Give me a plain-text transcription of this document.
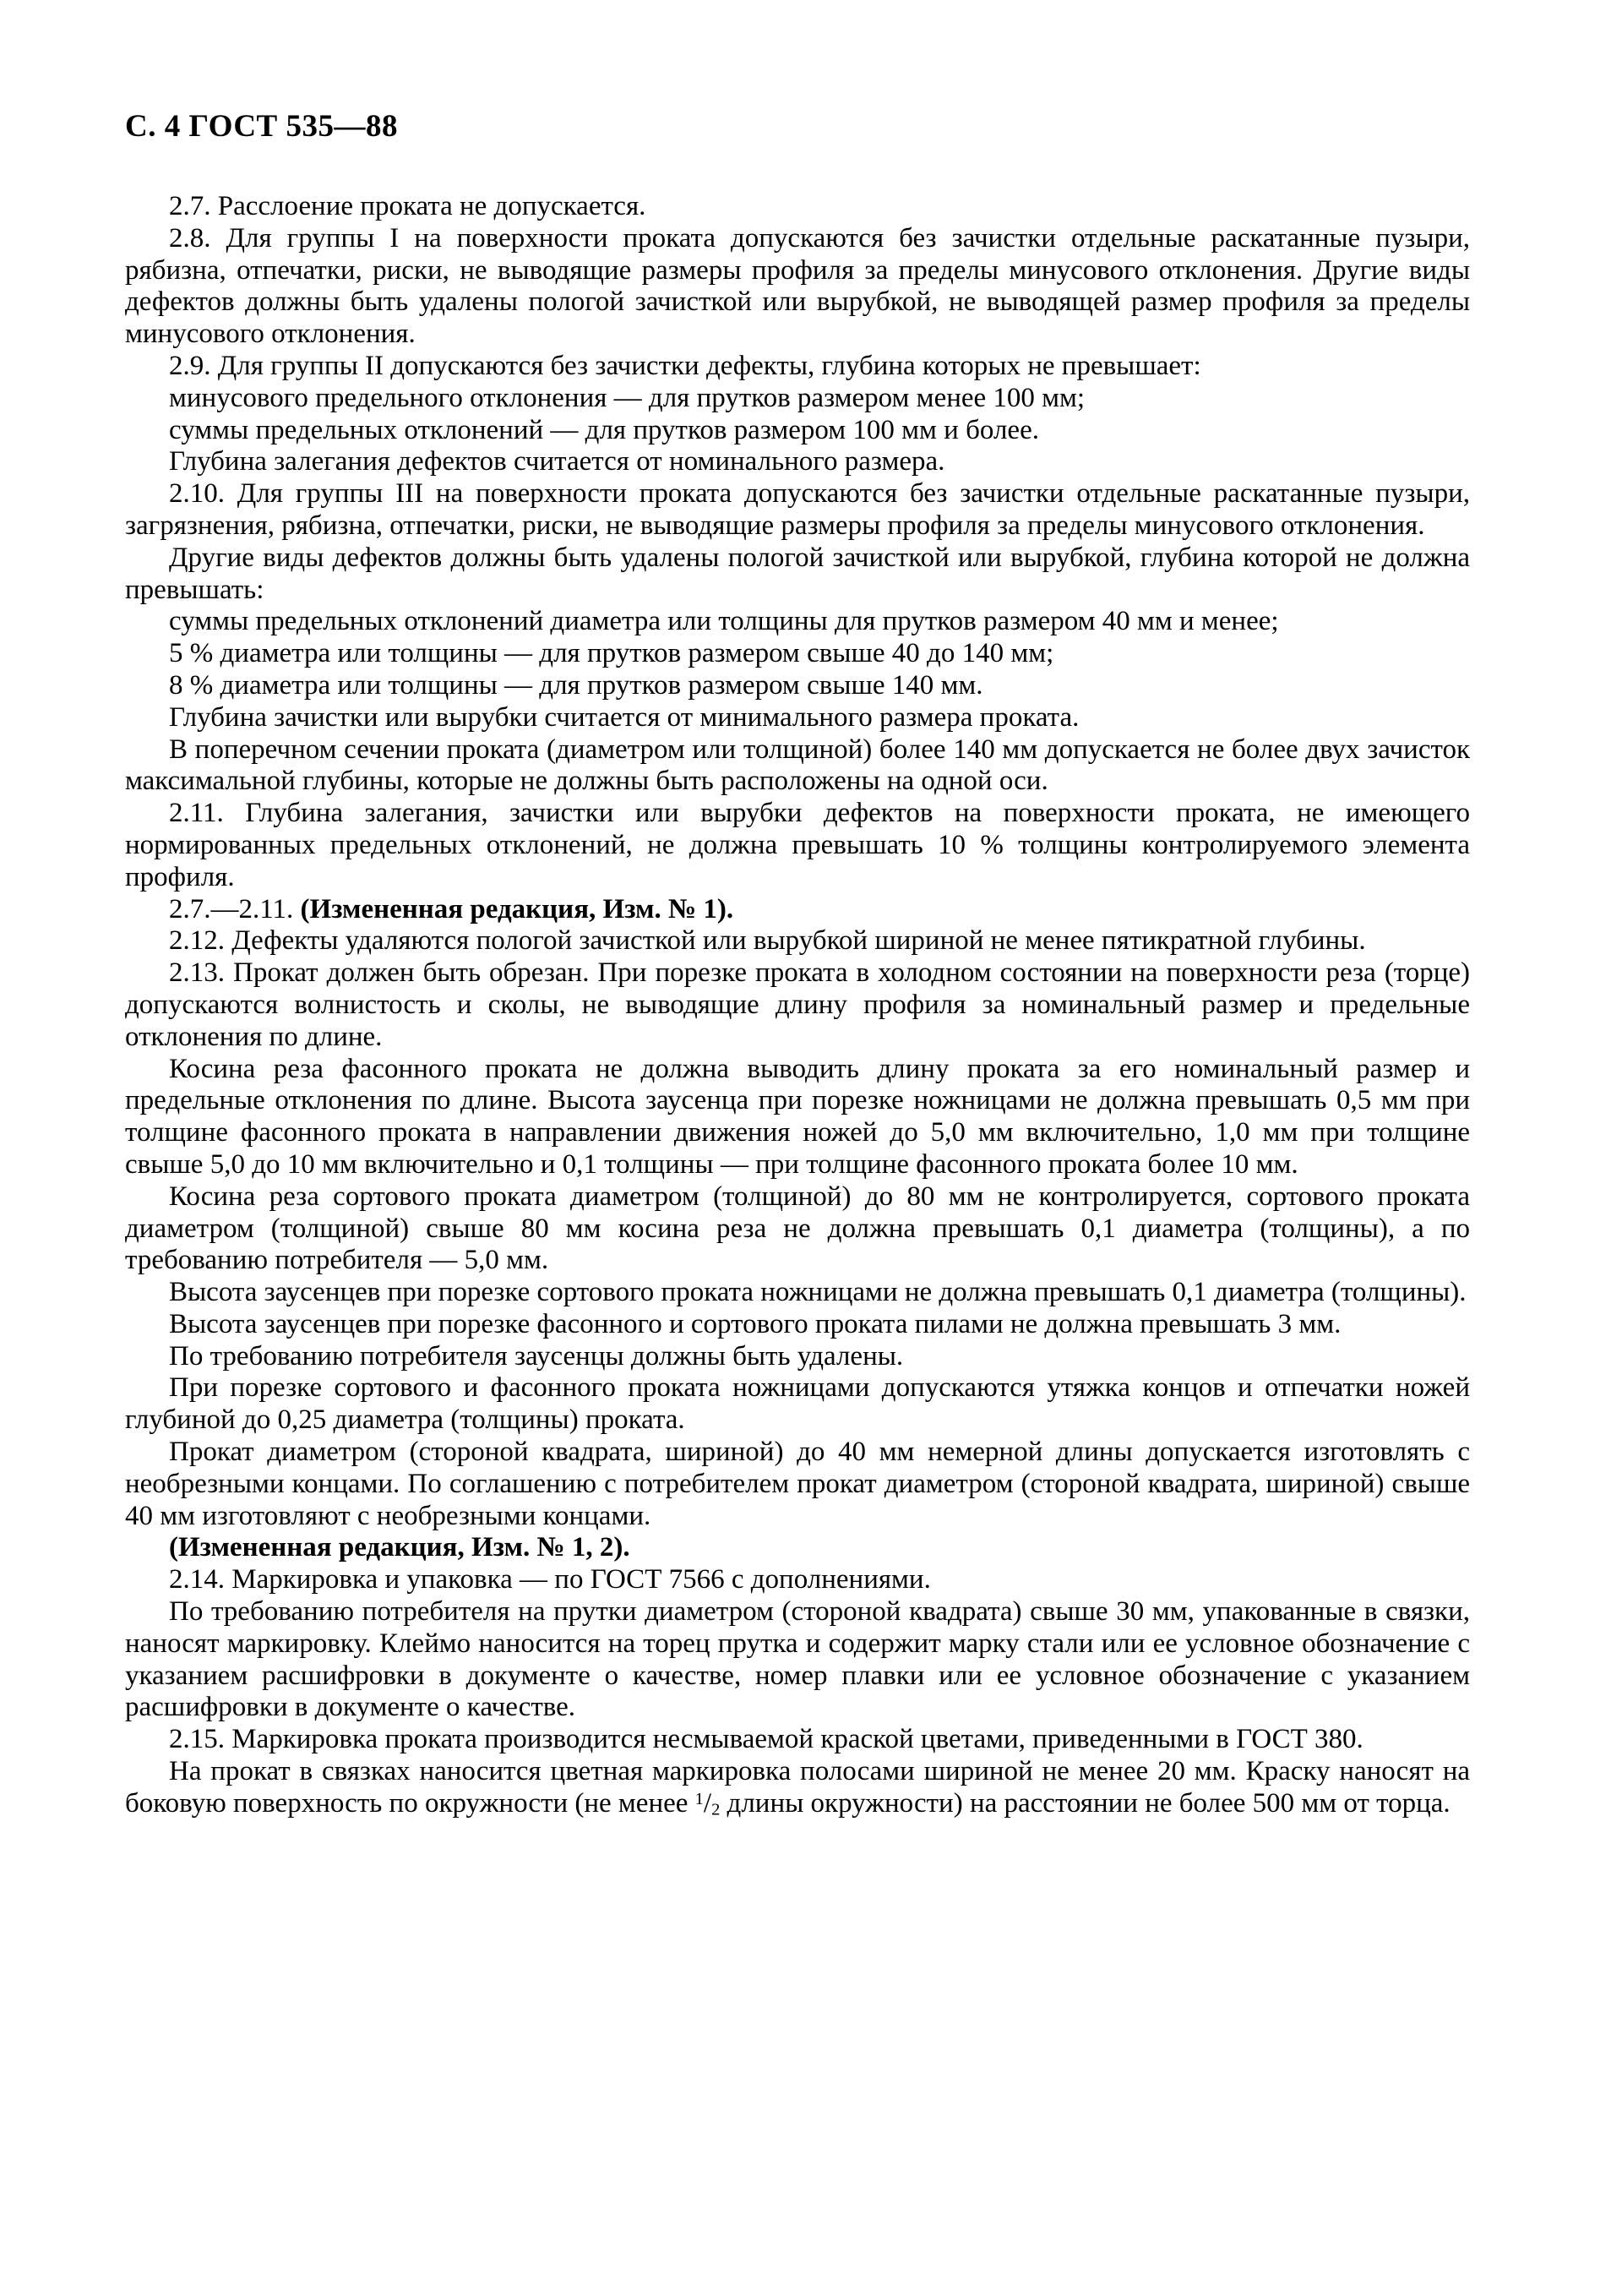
С. 4 ГОСТ 535—88

2.7. Расслоение проката не допускается.

2.8. Для группы I на поверхности проката допускаются без зачистки отдельные раскатанные пузыри, рябизна, отпечатки, риски, не выводящие размеры профиля за пределы минусового отклонения. Другие виды дефектов должны быть удалены пологой зачисткой или вырубкой, не выводящей размер профиля за пределы минусового отклонения.

2.9. Для группы II допускаются без зачистки дефекты, глубина которых не превышает:

минусового предельного отклонения — для прутков размером менее 100 мм;

суммы предельных отклонений — для прутков размером 100 мм и более.

Глубина залегания дефектов считается от номинального размера.

2.10. Для группы III на поверхности проката допускаются без зачистки отдельные раскатанные пузыри, загрязнения, рябизна, отпечатки, риски, не выводящие размеры профиля за пределы минусового отклонения.

Другие виды дефектов должны быть удалены пологой зачисткой или вырубкой, глубина которой не должна превышать:

суммы предельных отклонений диаметра или толщины для прутков размером 40 мм и менее;

5 % диаметра или толщины — для прутков размером свыше 40 до 140 мм;

8 % диаметра или толщины — для прутков размером свыше 140 мм.

Глубина зачистки или вырубки считается от минимального размера проката.

В поперечном сечении проката (диаметром или толщиной) более 140 мм допускается не более двух зачисток максимальной глубины, которые не должны быть расположены на одной оси.

2.11. Глубина залегания, зачистки или вырубки дефектов на поверхности проката, не имеющего нормированных предельных отклонений, не должна превышать 10 % толщины контролируемого элемента профиля.

2.7.—2.11. (Измененная редакция, Изм. № 1).

2.12. Дефекты удаляются пологой зачисткой или вырубкой шириной не менее пятикратной глубины.

2.13. Прокат должен быть обрезан. При порезке проката в холодном состоянии на поверхности реза (торце) допускаются волнистость и сколы, не выводящие длину профиля за номинальный размер и предельные отклонения по длине.

Косина реза фасонного проката не должна выводить длину проката за его номинальный размер и предельные отклонения по длине. Высота заусенца при порезке ножницами не должна превышать 0,5 мм при толщине фасонного проката в направлении движения ножей до 5,0 мм включительно, 1,0 мм при толщине свыше 5,0 до 10 мм включительно и 0,1 толщины — при толщине фасонного проката более 10 мм.

Косина реза сортового проката диаметром (толщиной) до 80 мм не контролируется, сортового проката диаметром (толщиной) свыше 80 мм косина реза не должна превышать 0,1 диаметра (толщины), а по требованию потребителя — 5,0 мм.

Высота заусенцев при порезке сортового проката ножницами не должна превышать 0,1 диаметра (толщины).

Высота заусенцев при порезке фасонного и сортового проката пилами не должна превышать 3 мм.

По требованию потребителя заусенцы должны быть удалены.

При порезке сортового и фасонного проката ножницами допускаются утяжка концов и отпечатки ножей глубиной до 0,25 диаметра (толщины) проката.

Прокат диаметром (стороной квадрата, шириной) до 40 мм немерной длины допускается изготовлять с необрезными концами. По соглашению с потребителем прокат диаметром (стороной квадрата, шириной) свыше 40 мм изготовляют с необрезными концами.

(Измененная редакция, Изм. № 1, 2).

2.14. Маркировка и упаковка — по ГОСТ 7566 с дополнениями.

По требованию потребителя на прутки диаметром (стороной квадрата) свыше 30 мм, упакованные в связки, наносят маркировку. Клеймо наносится на торец прутка и содержит марку стали или ее условное обозначение с указанием расшифровки в документе о качестве, номер плавки или ее условное обозначение с указанием расшифровки в документе о качестве.

2.15. Маркировка проката производится несмываемой краской цветами, приведенными в ГОСТ 380.

На прокат в связках наносится цветная маркировка полосами шириной не менее 20 мм. Краску наносят на боковую поверхность по окружности (не менее $^1/_2$ длины окружности) на расстоянии не более 500 мм от торца.
